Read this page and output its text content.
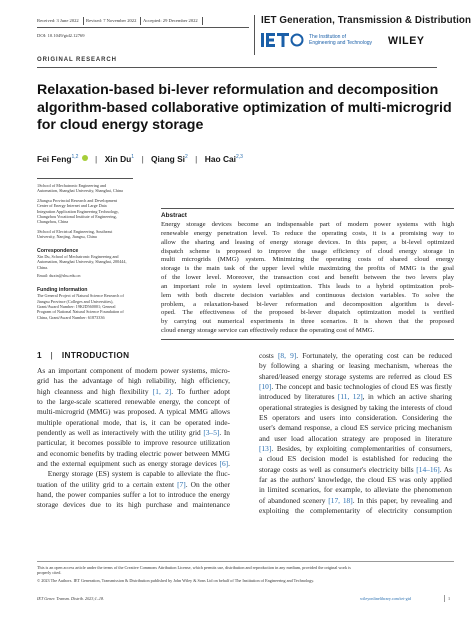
Received: 3 June 2022 Revised: 7 November 2022 Accepted: 29 December 2022
DOI: 10.1049/gtd2.12769
IET Generation, Transmission & Distribution
The Institution of
Engineering and Technology WILEY
ORIGINAL RESEARCH
Relaxation-based bi-lever reformulation and decomposition
algorithm-based collaborative optimization of multi-microgrid
for cloud energy storage
Fei Feng$^{1,2}$ | Xin Du$^1$ | Qiang Si$^2$ | Hao Cai$^{2,3}$
1School of Mechatronic Engineering and
Automation, Shanghai University, Shanghai, China
2Jiangsu Provincial Research and Development
Center of Energy Internet and Large Data
Integration Application Engineering Technology,
Changzhou Vocational Institute of Engineering,
Changzhou, China
3School of Electrical Engineering, Southeast
University, Nanjing, Jiangsu, China
Correspondence
Xin Du, School of Mechatronic Engineering and
Automation, Shanghai University, Shanghai, 200444,
China.
Email: duxin@shu.edu.cn
Funding information
The General Project of Natural Science Research of
Jiangsu Province (Colleges and Universities),
Grant/Award Number: 19KJD560001; General
Program of National Natural Science Foundation of
China, Grant/Award Number: 61873336
Abstract
Energy storage devices become an indispensable part of modern power systems with high
renewable energy penetration level. To reduce the operating costs, it is a promising way to
allow the sharing and leasing of energy storage devices. In this paper, a bi-level optimized
dispatch scheme is proposed to improve the usage efficiency of cloud energy storage in
multi microgrids (MMG) system. Minimizing the operating costs of shared cloud energy
storage is the main task of the upper level while maximizing the profits of MMG is the goal
of the lower level. Moreover, the transaction cost and benefit between the two levers play
an important role in system level optimization. This leads to a hybrid optimization prob-
lem with both discrete decision variables and continuous decision variables. To solve the
problem, a relaxation-based bi-lever reformation and decomposition algorithm is devel-
oped. The effectiveness of the proposed bi-lever dispatch optimization model is verified
by carrying out numerical experiments in three scenarios. It is shown that the proposed
cloud energy storage service can effectively reduce the operating cost of MMG.
1 | INTRODUCTION
As an important component of modern power systems, micro-
grid has the advantage of high reliability, high efficiency,
high cleanness and high flexibility [1, 2]. To further adopt
to the large-scale scattered renewable energy, the concept of
multi-microgrid (MMG) was proposed. A typical MMG allows
multiple operational mode, that is, it can be operated inde-
pendently as well as interactively with the utility grid [3–5]. In
particular, it becomes possible to improve resource utilization
and economic benefits by trading electric power between MMG
and the external equipment such as energy storage devices [6].
Energy storage (ES) system is capable to alleviate the fluc-
tuation of the utility grid to a certain extent [7]. On the other
hand, the power companies suffer a lot to introduce the energy
storage devices due to its high purchase and maintenance
costs [8, 9]. Fortunately, the operating cost can be reduced
by following a sharing or leasing mechanism, whereas the
shared/leased energy storage systems are referred as cloud ES
[10]. The concept and basic technologies of cloud ES was firstly
introduced by literatures [11, 12], in which an active sharing
operational strategies is designed by taking the interests of cloud
ES operators and users into consideration. Considering the
user's demand response, a cloud ES service pricing mechanism
and user load allocation strategy are proposed in literature
[13]. Besides, by exploiting complementarities of consumers,
a cloud ES decision model is established for reducing the
storage costs as well as consumer's electricity bills [14–16]. As
far as the authors' knowledge, the cloud ES was only applied
in limited scenarios, for example, to alleviate the phenomenon
of abandoned scenery [17, 18]. In this paper, by revealing and
exploiting the complementarity of electricity consumption
This is an open access article under the terms of the Creative Commons Attribution License, which permits use, distribution and reproduction in any medium, provided the original work is
properly cited.
© 2023 The Authors. IET Generation, Transmission & Distribution published by John Wiley & Sons Ltd on behalf of The Institution of Engineering and Technology.
IET Gener. Transm. Distrib. 2023;1–18.	wileyonlinelibrary.com/iet-gtd	1
